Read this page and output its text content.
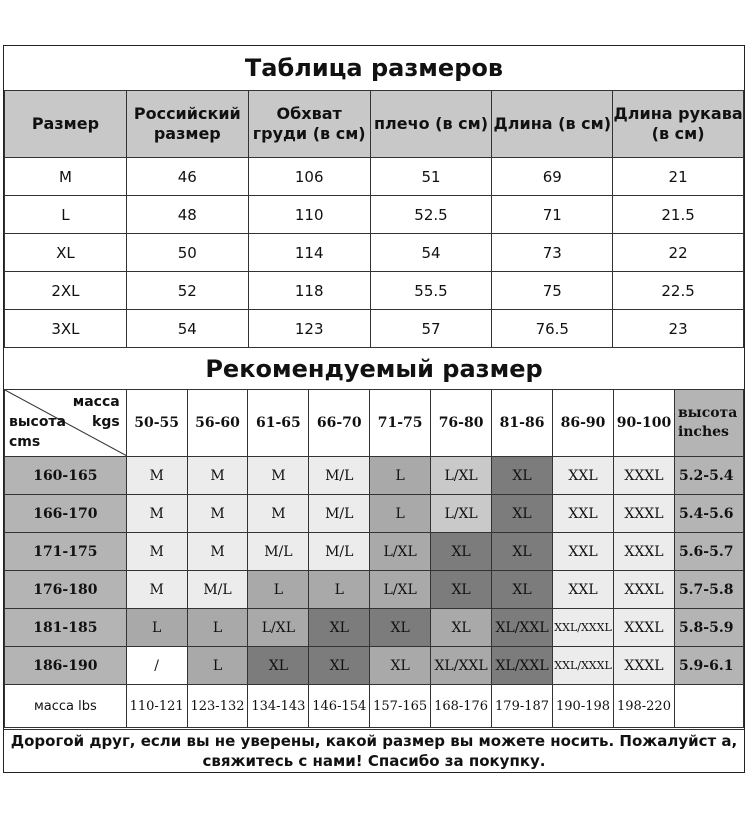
Таблица размеров
Размер	Российский размер	Обхват груди (в см)	плечо (в см)	Длина (в см)	Длина рукава (в см)
M	46	106	51	69	21
L	48	110	52.5	71	21.5
XL	50	114	54	73	22
2XL	52	118	55.5	75	22.5
3XL	54	123	57	76.5	23
Рекомендуемый размер
масса
высота kgs
cms	50-55	56-60	61-65	66-70	71-75	76-80	81-86	86-90	90-100	высота inches
160-165	M	M	M	M/L	L	L/XL	XL	XXL	XXXL	5.2-5.4
166-170	M	M	M	M/L	L	L/XL	XL	XXL	XXXL	5.4-5.6
171-175	M	M	M/L	M/L	L/XL	XL	XL	XXL	XXXL	5.6-5.7
176-180	M	M/L	L	L	L/XL	XL	XL	XXL	XXXL	5.7-5.8
181-185	L	L	L/XL	XL	XL	XL	XL/XXL	XXL/XXXL	XXXL	5.8-5.9
186-190	/	L	XL	XL	XL	XL/XXL	XL/XXL	XXL/XXXL	XXXL	5.9-6.1
масса lbs	110-121	123-132	134-143	146-154	157-165	168-176	179-187	190-198	198-220	
Дорогой друг, если вы не уверены, какой размер вы можете носить. Пожалуйст а, свяжитесь с нами! Спасибо за покупку.
